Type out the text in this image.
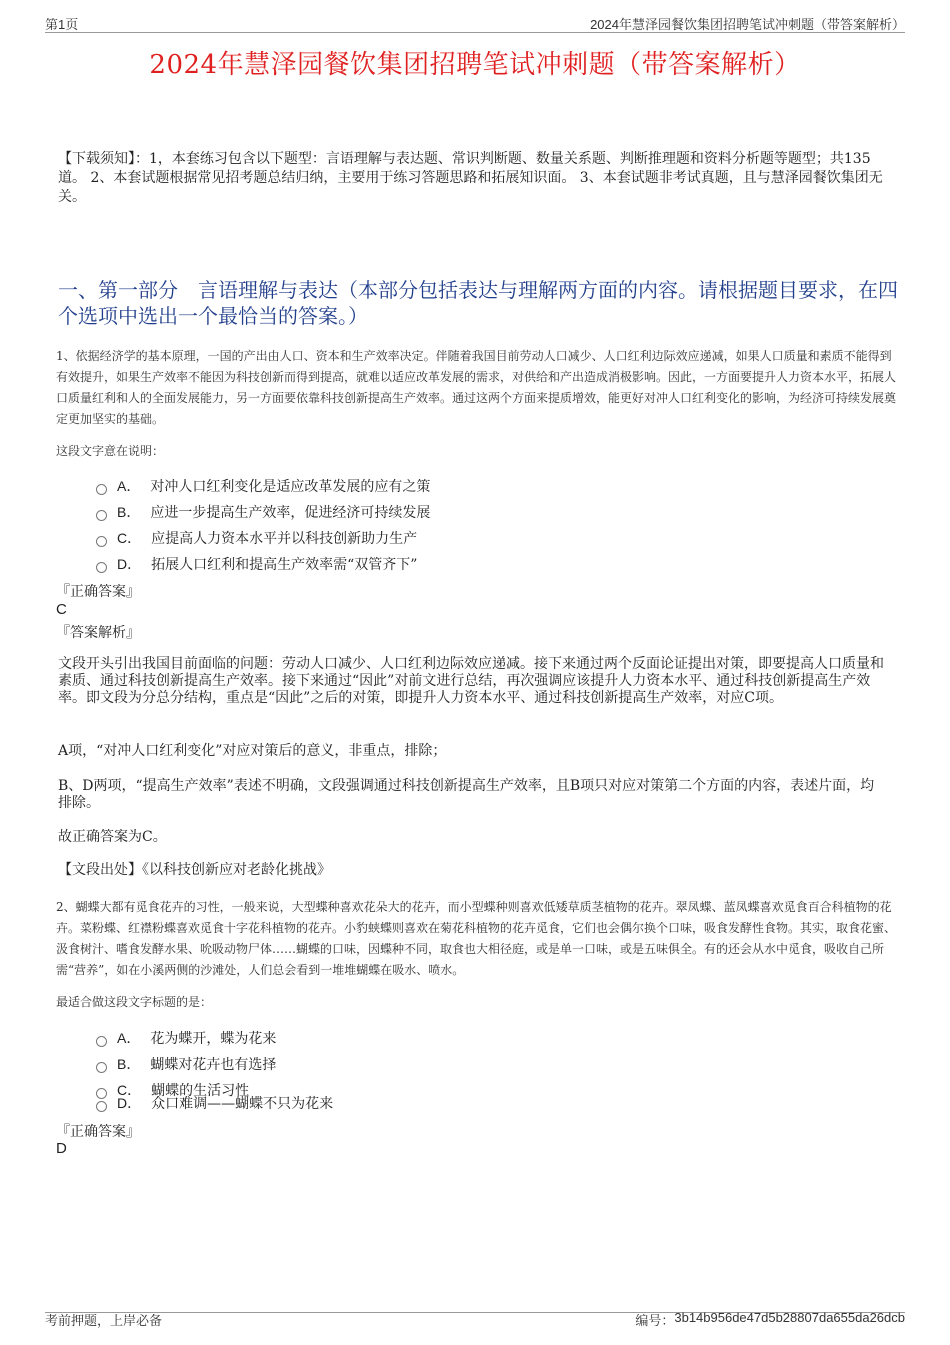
第1页	2024年慧泽园餐饮集团招聘笔试冲刺题（带答案解析）
2024年慧泽园餐饮集团招聘笔试冲刺题（带答案解析）
【下载须知】：1，本套练习包含以下题型：言语理解与表达题、常识判断题、数量关系题、判断推理题和资料分析题等题型；共135道。 2、本套试题根据常见招考题总结归纳，主要用于练习答题思路和拓展知识面。 3、本套试题非考试真题，且与慧泽园餐饮集团无关。
一、第一部分　言语理解与表达（本部分包括表达与理解两方面的内容。请根据题目要求，在四个选项中选出一个最恰当的答案。）
1、依据经济学的基本原理，一国的产出由人口、资本和生产效率决定。伴随着我国目前劳动人口减少、人口红利边际效应递减，如果人口质量和素质不能得到有效提升，如果生产效率不能因为科技创新而得到提高，就难以适应改革发展的需求，对供给和产出造成消极影响。因此，一方面要提升人力资本水平，拓展人口质量红利和人的全面发展能力，另一方面要依靠科技创新提高生产效率。通过这两个方面来提质增效，能更好对冲人口红利变化的影响，为经济可持续发展奠定更加坚实的基础。
这段文字意在说明：
A． 对冲人口红利变化是适应改革发展的应有之策
B． 应进一步提高生产效率，促进经济可持续发展
C． 应提高人力资本水平并以科技创新助力生产
D． 拓展人口红利和提高生产效率需“双管齐下”
『正确答案』
C
『答案解析』
文段开头引出我国目前面临的问题：劳动人口减少、人口红利边际效应递减。接下来通过两个反面论证提出对策，即要提高人口质量和素质、通过科技创新提高生产效率。接下来通过“因此”对前文进行总结，再次强调应该提升人力资本水平、通过科技创新提高生产效率。即文段为分总分结构，重点是“因此”之后的对策，即提升人力资本水平、通过科技创新提高生产效率，对应C项。
A项，“对冲人口红利变化”对应对策后的意义，非重点，排除；
B、D两项，“提高生产效率”表述不明确，文段强调通过科技创新提高生产效率，且B项只对应对策第二个方面的内容，表述片面，均排除。
故正确答案为C。
【文段出处】《以科技创新应对老龄化挑战》
2、蝴蝶大都有觅食花卉的习性，一般来说，大型蝶种喜欢花朵大的花卉，而小型蝶种则喜欢低矮草质茎植物的花卉。翠凤蝶、蓝凤蝶喜欢觅食百合科植物的花卉。菜粉蝶、红襟粉蝶喜欢觅食十字花科植物的花卉。小豹蛱蝶则喜欢在菊花科植物的花卉觅食，它们也会偶尔换个口味，吸食发酵性食物。其实，取食花蜜、汲食树汁、嗜食发酵水果、吮吸动物尸体……蝴蝶的口味，因蝶种不同，取食也大相径庭，或是单一口味，或是五味俱全。有的还会从水中觅食，吸收自己所需“营养”，如在小溪两侧的沙滩处，人们总会看到一堆堆蝴蝶在吸水、喷水。
最适合做这段文字标题的是：
A． 花为蝶开，蝶为花来
B． 蝴蝶对花卉也有选择
C． 蝴蝶的生活习性
D． 众口难调——蝴蝶不只为花来
『正确答案』
D
考前押题，上岸必备	编号： 3b14b956de47d5b28807da655da26dcb
